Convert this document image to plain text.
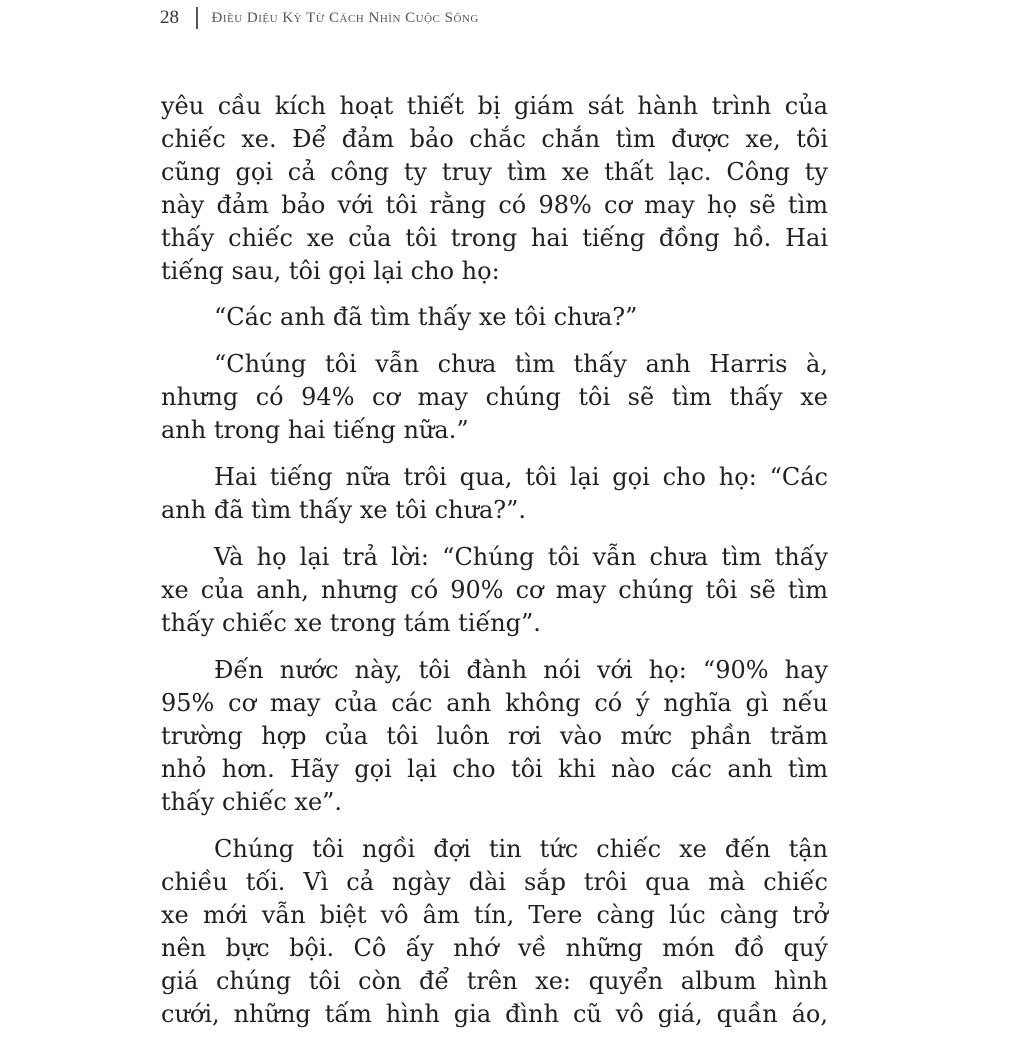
28 Điều Diệu Kỳ Từ Cách Nhìn Cuộc Sống
yêu cầu kích hoạt thiết bị giám sát hành trình của
chiếc xe. Để đảm bảo chắc chắn tìm được xe, tôi
cũng gọi cả công ty truy tìm xe thất lạc. Công ty
này đảm bảo với tôi rằng có 98% cơ may họ sẽ tìm
thấy chiếc xe của tôi trong hai tiếng đồng hồ. Hai
tiếng sau, tôi gọi lại cho họ:
“Các anh đã tìm thấy xe tôi chưa?”
“Chúng tôi vẫn chưa tìm thấy anh Harris à,
nhưng có 94% cơ may chúng tôi sẽ tìm thấy xe
anh trong hai tiếng nữa.”
Hai tiếng nữa trôi qua, tôi lại gọi cho họ: “Các
anh đã tìm thấy xe tôi chưa?”.
Và họ lại trả lời: “Chúng tôi vẫn chưa tìm thấy
xe của anh, nhưng có 90% cơ may chúng tôi sẽ tìm
thấy chiếc xe trong tám tiếng”.
Đến nước này, tôi đành nói với họ: “90% hay
95% cơ may của các anh không có ý nghĩa gì nếu
trường hợp của tôi luôn rơi vào mức phần trăm
nhỏ hơn. Hãy gọi lại cho tôi khi nào các anh tìm
thấy chiếc xe”.
Chúng tôi ngồi đợi tin tức chiếc xe đến tận
chiều tối. Vì cả ngày dài sắp trôi qua mà chiếc
xe mới vẫn biệt vô âm tín, Tere càng lúc càng trở
nên bực bội. Cô ấy nhớ về những món đồ quý
giá chúng tôi còn để trên xe: quyển album hình
cưới, những tấm hình gia đình cũ vô giá, quần áo,
